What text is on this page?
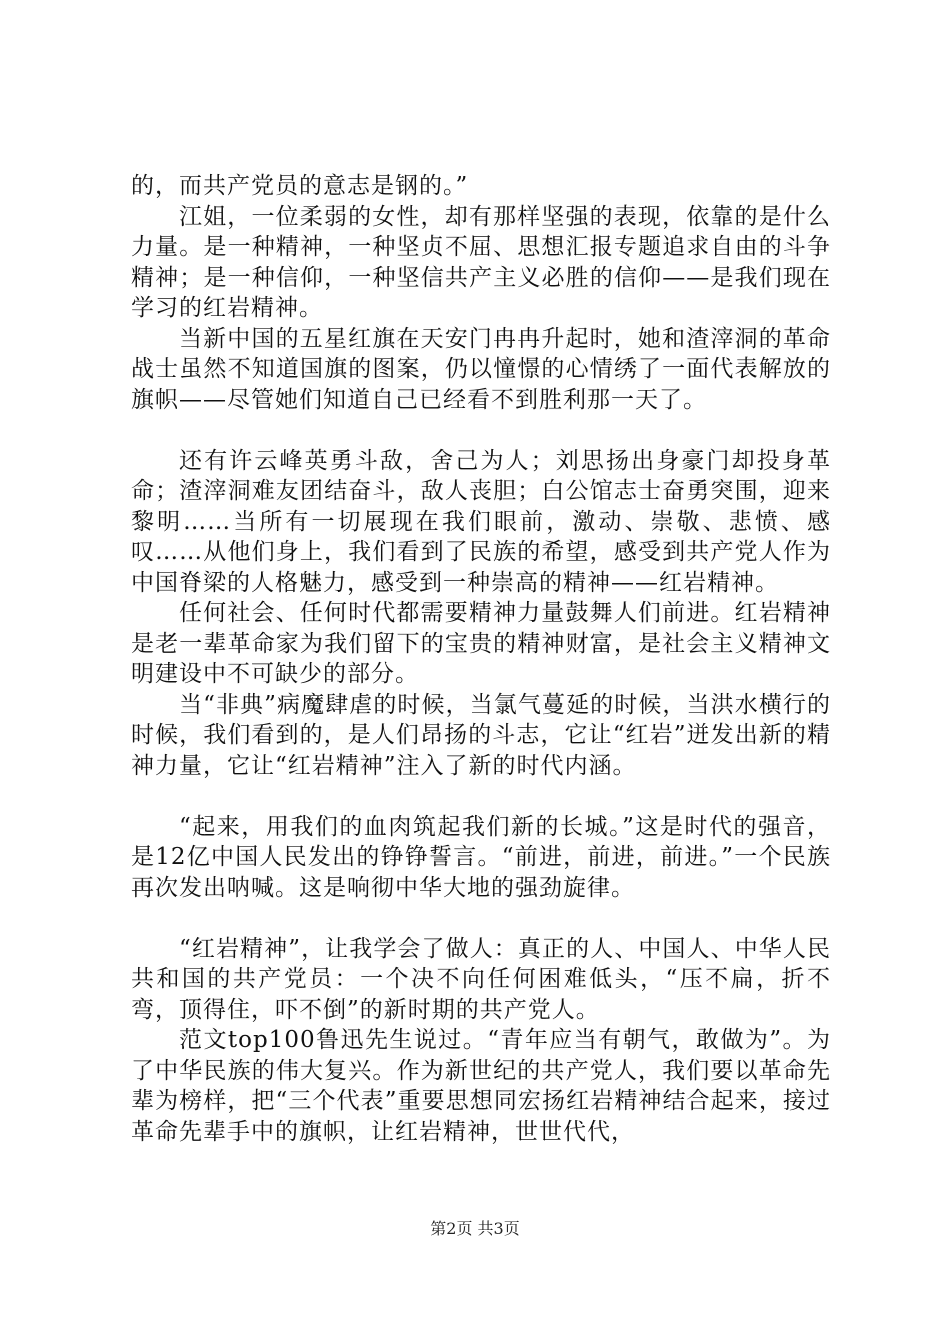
的，而共产党员的意志是钢的。”

江姐，一位柔弱的女性，却有那样坚强的表现，依靠的是什么力量。是一种精神，一种坚贞不屈、思想汇报专题追求自由的斗争精神；是一种信仰，一种坚信共产主义必胜的信仰——是我们现在学习的红岩精神。

当新中国的五星红旗在天安门冉冉升起时，她和渣滓洞的革命战士虽然不知道国旗的图案，仍以憧憬的心情绣了一面代表解放的旗帜——尽管她们知道自己已经看不到胜利那一天了。

还有许云峰英勇斗敌，舍己为人；刘思扬出身豪门却投身革命；渣滓洞难友团结奋斗，敌人丧胆；白公馆志士奋勇突围，迎来黎明……当所有一切展现在我们眼前，激动、崇敬、悲愤、感叹……从他们身上，我们看到了民族的希望，感受到共产党人作为中国脊梁的人格魅力，感受到一种崇高的精神——红岩精神。

任何社会、任何时代都需要精神力量鼓舞人们前进。红岩精神是老一辈革命家为我们留下的宝贵的精神财富，是社会主义精神文明建设中不可缺少的部分。

当“非典”病魔肆虐的时候，当氯气蔓延的时候，当洪水横行的时候，我们看到的，是人们昂扬的斗志，它让“红岩”迸发出新的精神力量，它让“红岩精神”注入了新的时代内涵。

“起来，用我们的血肉筑起我们新的长城。”这是时代的强音，是12亿中国人民发出的铮铮誓言。“前进，前进，前进。”一个民族再次发出呐喊。这是响彻中华大地的强劲旋律。

“红岩精神”，让我学会了做人：真正的人、中国人、中华人民共和国的共产党员：一个决不向任何困难低头，“压不扁，折不弯，顶得住，吓不倒”的新时期的共产党人。

范文top100鲁迅先生说过。“青年应当有朝气，敢做为”。为了中华民族的伟大复兴。作为新世纪的共产党人，我们要以革命先辈为榜样，把“三个代表”重要思想同宏扬红岩精神结合起来，接过革命先辈手中的旗帜，让红岩精神，世世代代，

第2页 共3页
